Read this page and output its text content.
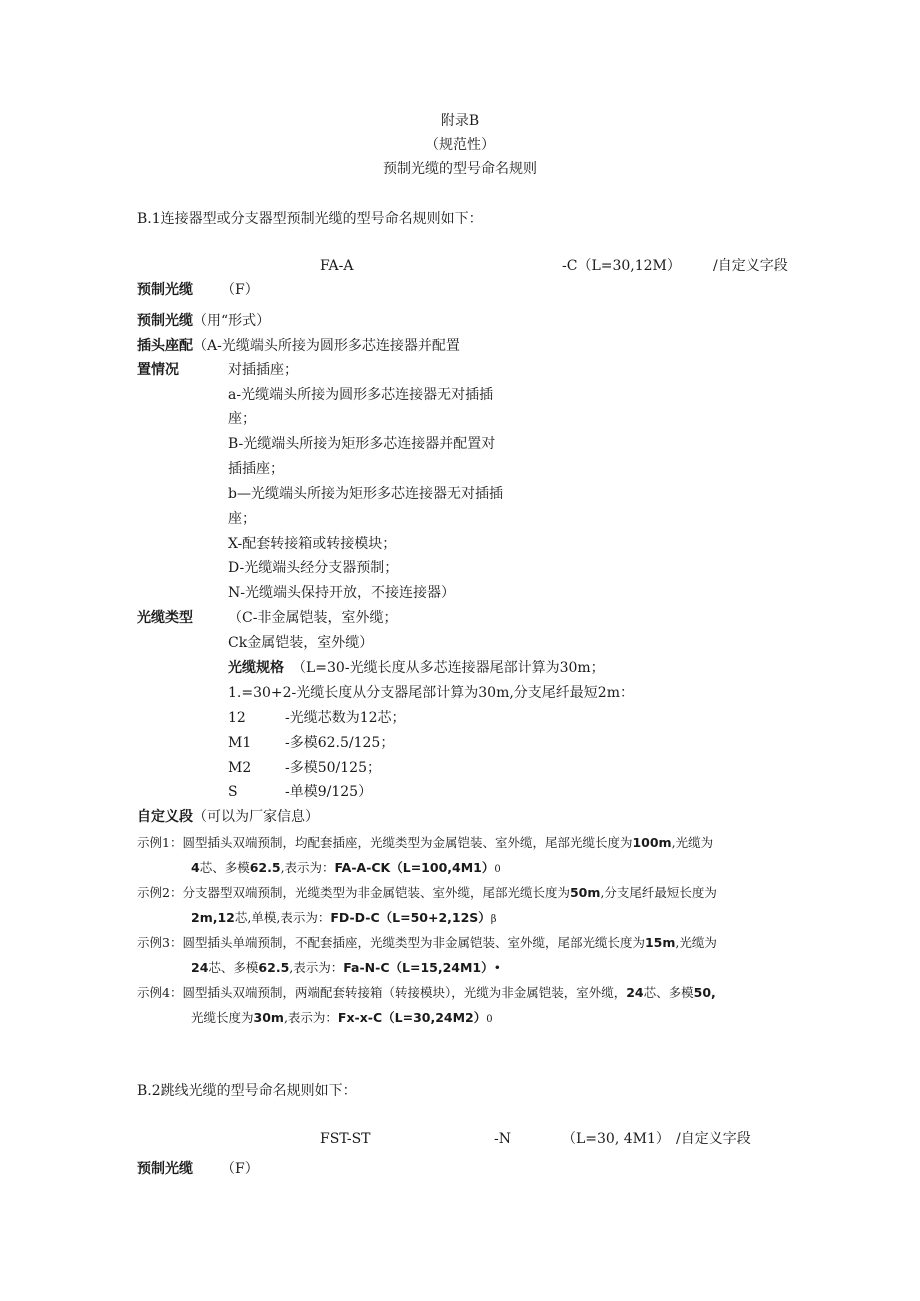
附录B
（规范性）
预制光缆的型号命名规则
B.1连接器型或分支器型预制光缆的型号命名规则如下：
FA-A	-C（L=30,12M） /自定义字段
预制光缆 （F）
预制光缆（用“形式）
插头座配（A-光缆端头所接为圆形多芯连接器并配置
置情况	对插插座；
a-光缆端头所接为圆形多芯连接器无对插插
座；
B-光缆端头所接为矩形多芯连接器并配置对
插插座；
b—光缆端头所接为矩形多芯连接器无对插插
座；
X-配套转接箱或转接模块；
D-光缆端头经分支器预制；
N-光缆端头保持开放，不接连接器）
光缆类型	（C-非金属铠装，室外缆；
Ck金属铠装，室外缆）
光缆规格 （L=30-光缆长度从多芯连接器尾部计算为30m；
1.=30+2-光缆长度从分支器尾部计算为30m,分支尾纤最短2m：
12	-光缆芯数为12芯；
M1 -多模62.5/125；
M2 -多模50/125；
S	-单模9/125）
自定义段（可以为厂家信息）
示例1：圆型插头双端预制，均配套插座，光缆类型为金属铠装、室外缆，尾部光缆长度为100m,光缆为
4芯、多模62.5,表示为：FA-A-CK（L=100,4M1）0
示例2：分支器型双端预制，光缆类型为非金属铠装、室外缆，尾部光缆长度为50m,分支尾纤最短长度为
2m,12芯,单模,表示为：FD-D-C（L=50+2,12S）β
示例3：圆型插头单端预制，不配套插座，光缆类型为非金属铠装、室外缆，尾部光缆长度为15m,光缆为
24芯、多模62.5,表示为：Fa-N-C（L=15,24M1）•
示例4：圆型插头双端预制，两端配套转接箱（转接模块），光缆为非金属铠装，室外缆，24芯、多模50,
光缆长度为30m,表示为：Fx-x-C（L=30,24M2）0
B.2跳线光缆的型号命名规则如下：
FST-ST	-N	（L=30, 4M1） /自定义字段
预制光缆 （F）
